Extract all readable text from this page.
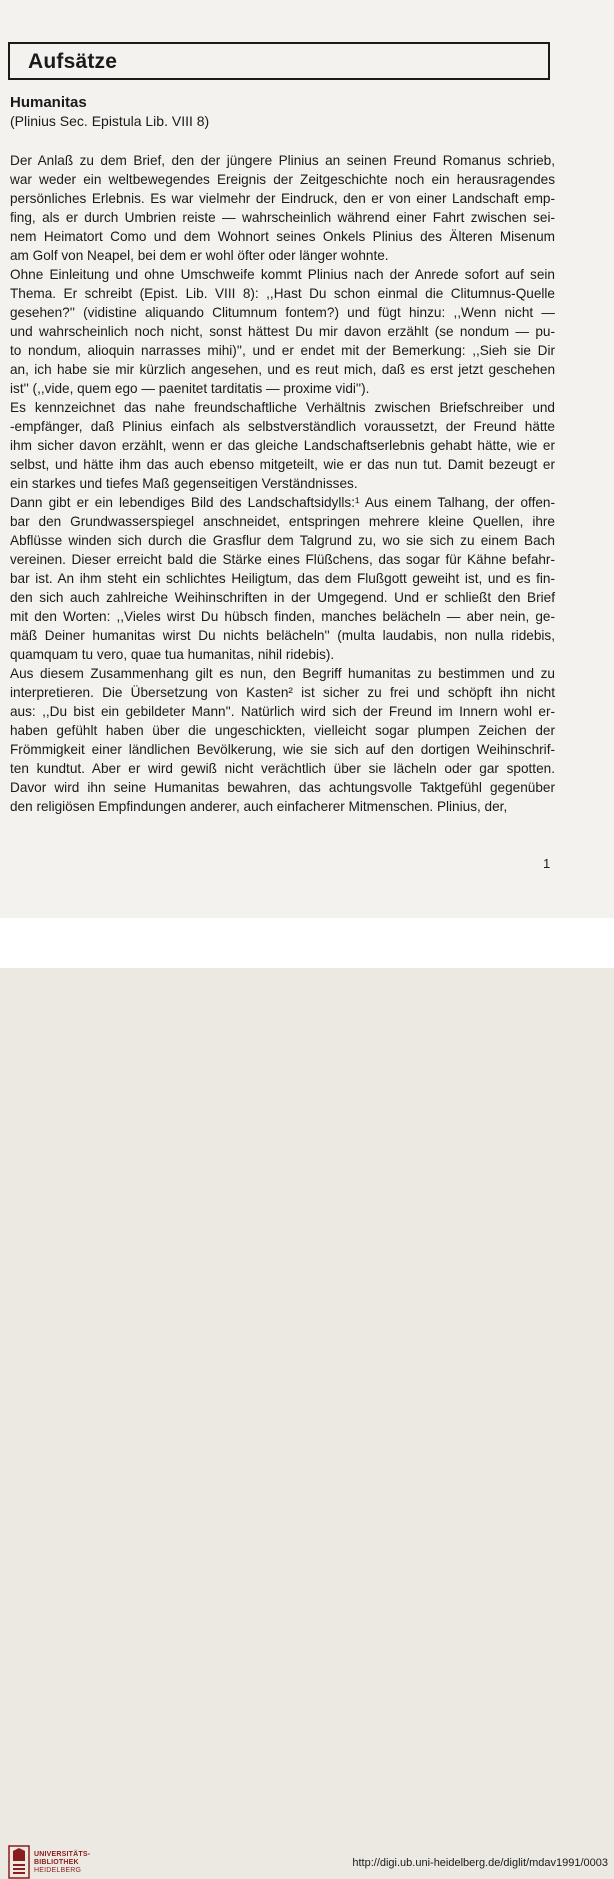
Aufsätze
Humanitas
(Plinius Sec. Epistula Lib. VIII 8)
Der Anlaß zu dem Brief, den der jüngere Plinius an seinen Freund Romanus schrieb,
war weder ein weltbewegendes Ereignis der Zeitgeschichte noch ein herausragendes
persönliches Erlebnis. Es war vielmehr der Eindruck, den er von einer Landschaft emp-
fing, als er durch Umbrien reiste — wahrscheinlich während einer Fahrt zwischen sei-
nem Heimatort Como und dem Wohnort seines Onkels Plinius des Älteren Misenum
am Golf von Neapel, bei dem er wohl öfter oder länger wohnte.
Ohne Einleitung und ohne Umschweife kommt Plinius nach der Anrede sofort auf sein
Thema. Er schreibt (Epist. Lib. VIII 8): ,,Hast Du schon einmal die Clitumnus-Quelle
gesehen?'' (vidistine aliquando Clitumnum fontem?) und fügt hinzu: ,,Wenn nicht —
und wahrscheinlich noch nicht, sonst hättest Du mir davon erzählt (se nondum — pu-
to nondum, alioquin narrasses mihi)'', und er endet mit der Bemerkung: ,,Sieh sie Dir
an, ich habe sie mir kürzlich angesehen, und es reut mich, daß es erst jetzt geschehen
ist'' (,,vide, quem ego — paenitet tarditatis — proxime vidi'').
Es kennzeichnet das nahe freundschaftliche Verhältnis zwischen Briefschreiber und
-empfänger, daß Plinius einfach als selbstverständlich voraussetzt, der Freund hätte
ihm sicher davon erzählt, wenn er das gleiche Landschaftserlebnis gehabt hätte, wie er
selbst, und hätte ihm das auch ebenso mitgeteilt, wie er das nun tut. Damit bezeugt er
ein starkes und tiefes Maß gegenseitigen Verständnisses.
Dann gibt er ein lebendiges Bild des Landschaftsidylls:¹ Aus einem Talhang, der offen-
bar den Grundwasserspiegel anschneidet, entspringen mehrere kleine Quellen, ihre
Abflüsse winden sich durch die Grasflur dem Talgrund zu, wo sie sich zu einem Bach
vereinen. Dieser erreicht bald die Stärke eines Flüßchens, das sogar für Kähne befahr-
bar ist. An ihm steht ein schlichtes Heiligtum, das dem Flußgott geweiht ist, und es fin-
den sich auch zahlreiche Weihinschriften in der Umgegend. Und er schließt den Brief
mit den Worten: ,,Vieles wirst Du hübsch finden, manches belächeln — aber nein, ge-
mäß Deiner humanitas wirst Du nichts belächeln'' (multa laudabis, non nulla ridebis,
quamquam tu vero, quae tua humanitas, nihil ridebis).
Aus diesem Zusammenhang gilt es nun, den Begriff humanitas zu bestimmen und zu
interpretieren. Die Übersetzung von Kasten² ist sicher zu frei und schöpft ihn nicht
aus: ,,Du bist ein gebildeter Mann''. Natürlich wird sich der Freund im Innern wohl er-
haben gefühlt haben über die ungeschickten, vielleicht sogar plumpen Zeichen der
Frömmigkeit einer ländlichen Bevölkerung, wie sie sich auf den dortigen Weihinschrif-
ten kundtut. Aber er wird gewiß nicht verächtlich über sie lächeln oder gar spotten.
Davor wird ihn seine Humanitas bewahren, das achtungsvolle Taktgefühl gegenüber
den religiösen Empfindungen anderer, auch einfacherer Mitmenschen. Plinius, der,
1
UNIVERSITÄTS-
BIBLIOTHEK
HEIDELBERG
http://digi.ub.uni-heidelberg.de/diglit/mdav1991/0003
